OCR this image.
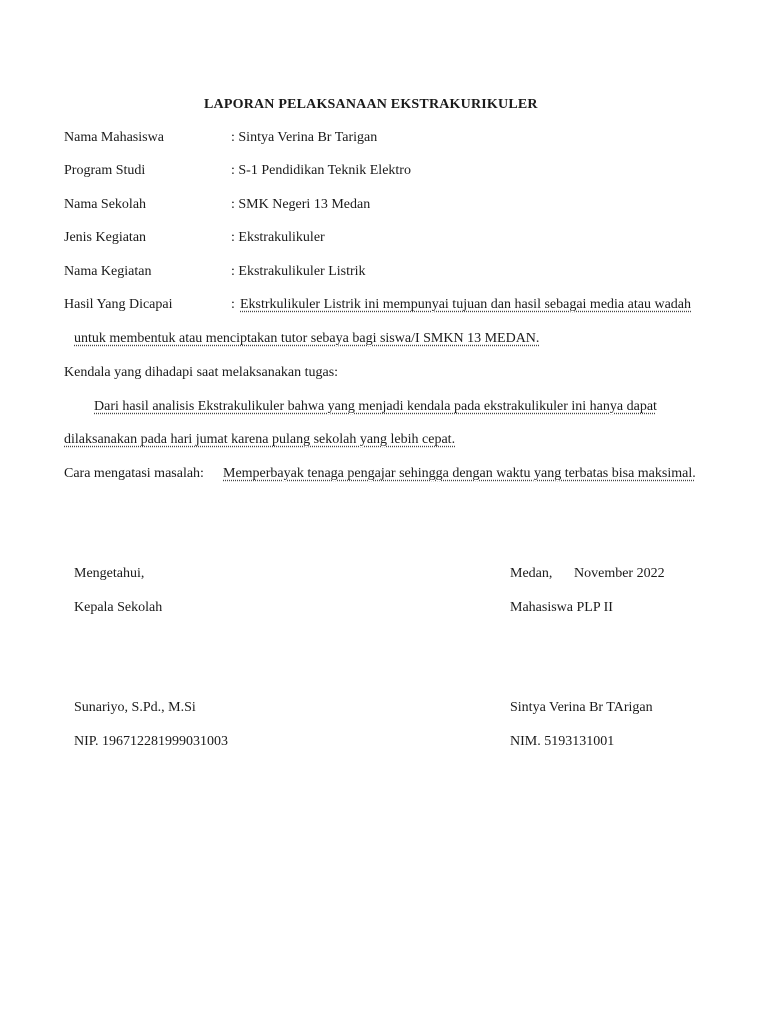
LAPORAN PELAKSANAAN EKSTRAKURIKULER
Nama Mahasiswa	: Sintya Verina Br Tarigan
Program Studi	: S-1 Pendidikan Teknik Elektro
Nama Sekolah	: SMK Negeri 13 Medan
Jenis Kegiatan	: Ekstrakulikuler
Nama Kegiatan	: Ekstrakulikuler Listrik
Hasil Yang Dicapai	: Ekstrkulikuler Listrik ini mempunyai tujuan dan hasil sebagai media atau wadah
untuk membentuk atau menciptakan tutor sebaya bagi siswa/I SMKN 13 MEDAN.
Kendala yang dihadapi saat melaksanakan tugas:
Dari hasil analisis Ekstrakulikuler bahwa yang menjadi kendala pada ekstrakulikuler ini hanya dapat
dilaksanakan pada hari jumat karena pulang sekolah yang lebih cepat.
Cara mengatasi masalah: Memperbayak tenaga pengajar sehingga dengan waktu yang terbatas bisa maksimal.
Mengetahui,
Kepala Sekolah
Sunariyo, S.Pd., M.Si
NIP. 196712281999031003
Medan, November 2022
Mahasiswa PLP II
Sintya Verina Br TArigan
NIM. 5193131001
